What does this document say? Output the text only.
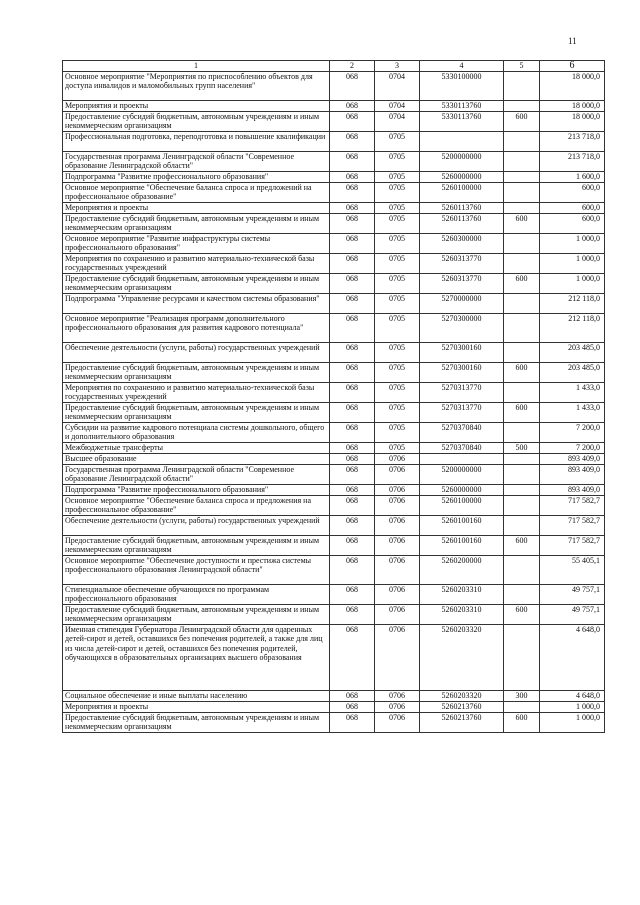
11
1	2	3	4	5	6
Основное мероприятие "Мероприятия по приспособлению объектов для доступа инвалидов и маломобильных групп населения"	068	0704	5330100000		18 000,0
Мероприятия и проекты	068	0704	5330113760		18 000,0
Предоставление субсидий бюджетным, автономным учреждениям и иным некоммерческим организациям	068	0704	5330113760	600	18 000,0
Профессиональная подготовка, переподготовка и повышение квалификации	068	0705			213 718,0
Государственная программа Ленинградской области "Современное образование Ленинградской области"	068	0705	5200000000		213 718,0
Подпрограмма "Развитие профессионального образования"	068	0705	5260000000		1 600,0
Основное мероприятие "Обеспечение баланса спроса и предложений на профессиональное образование"	068	0705	5260100000		600,0
Мероприятия и проекты	068	0705	5260113760		600,0
Предоставление субсидий бюджетным, автономным учреждениям и иным некоммерческим организациям	068	0705	5260113760	600	600,0
Основное мероприятие "Развитие инфраструктуры системы профессионального образования"	068	0705	5260300000		1 000,0
Мероприятия по сохранению и развитию материально-технической базы государственных учреждений	068	0705	5260313770		1 000,0
Предоставление субсидий бюджетным, автономным учреждениям и иным некоммерческим организациям	068	0705	5260313770	600	1 000,0
Подпрограмма "Управление ресурсами и качеством системы образования"	068	0705	5270000000		212 118,0
Основное мероприятие "Реализация программ дополнительного профессионального образования для развития кадрового потенциала"	068	0705	5270300000		212 118,0
Обеспечение деятельности (услуги, работы) государственных учреждений	068	0705	5270300160		203 485,0
Предоставление субсидий бюджетным, автономным учреждениям и иным некоммерческим организациям	068	0705	5270300160	600	203 485,0
Мероприятия по сохранению и развитию материально-технической базы государственных учреждений	068	0705	5270313770		1 433,0
Предоставление субсидий бюджетным, автономным учреждениям и иным некоммерческим организациям	068	0705	5270313770	600	1 433,0
Субсидии на развитие кадрового потенциала системы дошкольного, общего и дополнительного образования	068	0705	5270370840		7 200,0
Межбюджетные трансферты	068	0705	5270370840	500	7 200,0
Высшее образование	068	0706			893 409,0
Государственная программа Ленинградской области "Современное образование Ленинградской области"	068	0706	5200000000		893 409,0
Подпрограмма "Развитие профессионального образования"	068	0706	5260000000		893 409,0
Основное мероприятие "Обеспечение баланса спроса и предложения на профессиональное образование"	068	0706	5260100000		717 582,7
Обеспечение деятельности (услуги, работы) государственных учреждений	068	0706	5260100160		717 582,7
Предоставление субсидий бюджетным, автономным учреждениям и иным некоммерческим организациям	068	0706	5260100160	600	717 582,7
Основное мероприятие "Обеспечение доступности и престижа системы профессионального образования Ленинградской области"	068	0706	5260200000		55 405,1
Стипендиальное обеспечение обучающихся по программам профессионального образования	068	0706	5260203310		49 757,1
Предоставление субсидий бюджетным, автономным учреждениям и иным некоммерческим организациям	068	0706	5260203310	600	49 757,1
Именная стипендия Губернатора Ленинградской области для одаренных детей-сирот и детей, оставшихся без попечения родителей, а также для лиц из числа детей-сирот и детей, оставшихся без попечения родителей, обучающихся в образовательных организациях высшего образования	068	0706	5260203320		4 648,0
Социальное обеспечение и иные выплаты населению	068	0706	5260203320	300	4 648,0
Мероприятия и проекты	068	0706	5260213760		1 000,0
Предоставление субсидий бюджетным, автономным учреждениям и иным некоммерческим организациям	068	0706	5260213760	600	1 000,0
